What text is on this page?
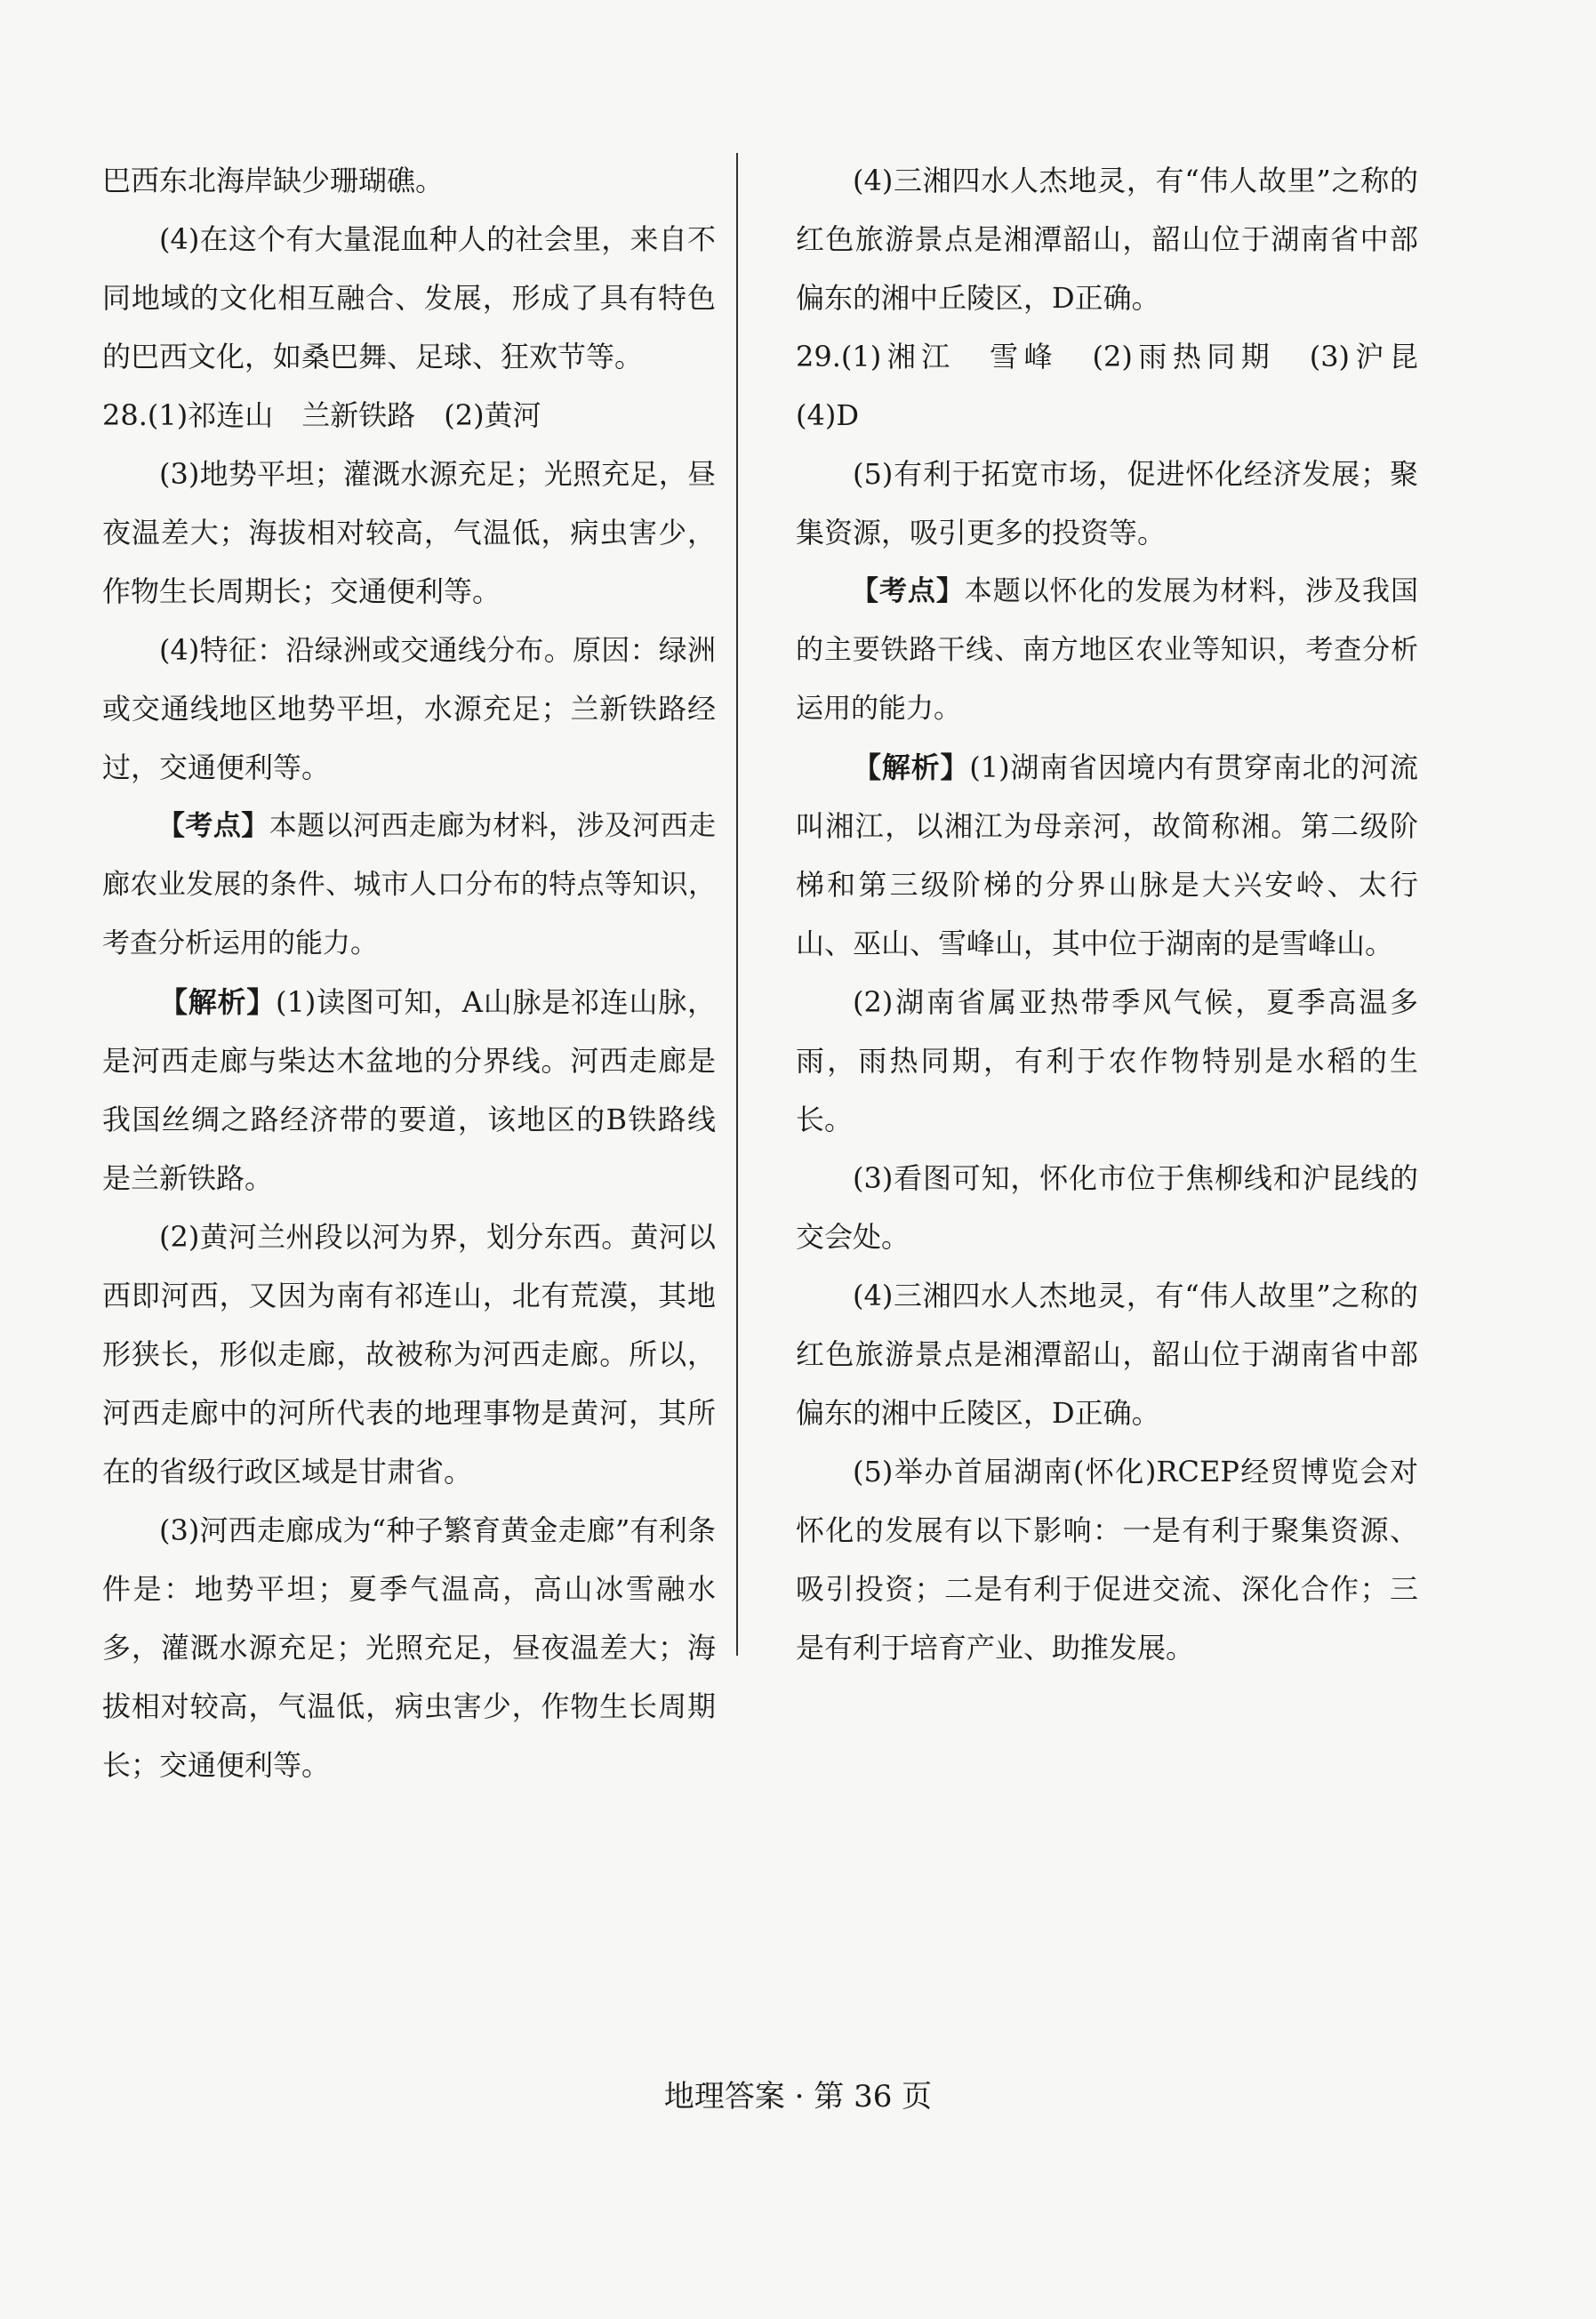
巴西东北海岸缺少珊瑚礁。

(4)在这个有大量混血种人的社会里，来自不同地域的文化相互融合、发展，形成了具有特色的巴西文化，如桑巴舞、足球、狂欢节等。

28.(1)祁连山　兰新铁路　(2)黄河

(3)地势平坦；灌溉水源充足；光照充足，昼夜温差大；海拔相对较高，气温低，病虫害少，作物生长周期长；交通便利等。

(4)特征：沿绿洲或交通线分布。原因：绿洲或交通线地区地势平坦，水源充足；兰新铁路经过，交通便利等。

【考点】本题以河西走廊为材料，涉及河西走廊农业发展的条件、城市人口分布的特点等知识，考查分析运用的能力。

【解析】(1)读图可知，A山脉是祁连山脉，是河西走廊与柴达木盆地的分界线。河西走廊是我国丝绸之路经济带的要道，该地区的B铁路线是兰新铁路。

(2)黄河兰州段以河为界，划分东西。黄河以西即河西，又因为南有祁连山，北有荒漠，其地形狭长，形似走廊，故被称为河西走廊。所以，河西走廊中的河所代表的地理事物是黄河，其所在的省级行政区域是甘肃省。

(3)河西走廊成为“种子繁育黄金走廊”有利条件是：地势平坦；夏季气温高，高山冰雪融水多，灌溉水源充足；光照充足，昼夜温差大；海拔相对较高，气温低，病虫害少，作物生长周期长；交通便利等。

(4)三湘四水人杰地灵，有“伟人故里”之称的红色旅游景点是湘潭韶山，韶山位于湖南省中部偏东的湘中丘陵区，D正确。

29.(1)湘江　雪峰　(2)雨热同期　(3)沪昆　(4)D

(5)有利于拓宽市场，促进怀化经济发展；聚集资源，吸引更多的投资等。

【考点】本题以怀化的发展为材料，涉及我国的主要铁路干线、南方地区农业等知识，考查分析运用的能力。

【解析】(1)湖南省因境内有贯穿南北的河流叫湘江，以湘江为母亲河，故简称湘。第二级阶梯和第三级阶梯的分界山脉是大兴安岭、太行山、巫山、雪峰山，其中位于湖南的是雪峰山。

(2)湖南省属亚热带季风气候，夏季高温多雨，雨热同期，有利于农作物特别是水稻的生长。

(3)看图可知，怀化市位于焦柳线和沪昆线的交会处。

(4)三湘四水人杰地灵，有“伟人故里”之称的红色旅游景点是湘潭韶山，韶山位于湖南省中部偏东的湘中丘陵区，D正确。

(5)举办首届湖南(怀化)RCEP经贸博览会对怀化的发展有以下影响：一是有利于聚集资源、吸引投资；二是有利于促进交流、深化合作；三是有利于培育产业、助推发展。

地理答案 · 第 36 页
